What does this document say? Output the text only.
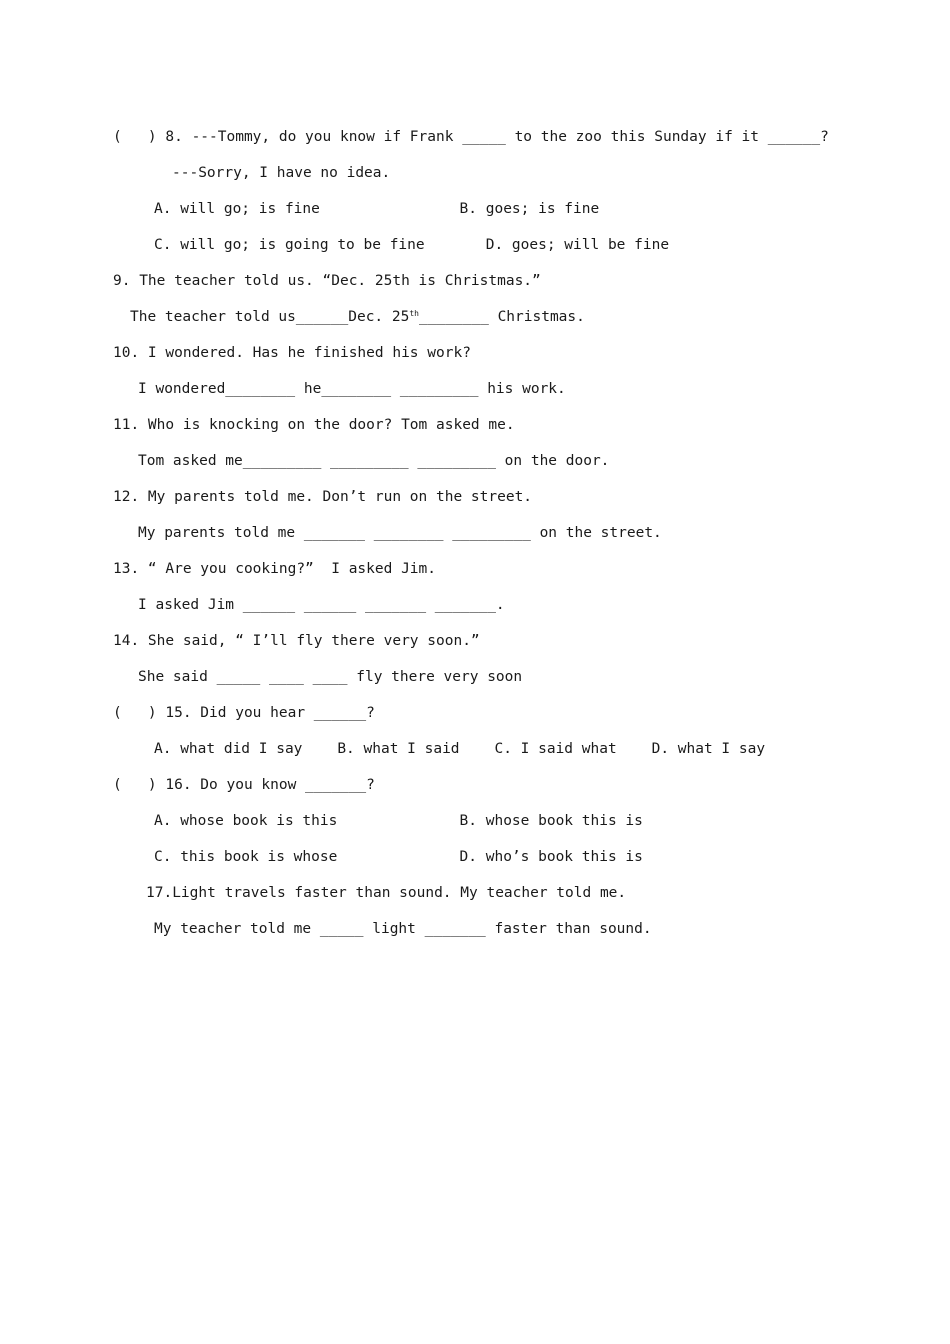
(   ) 8. ---Tommy, do you know if Frank _____ to the zoo this Sunday if it ______?
---Sorry, I have no idea.
A. will go; is fine                B. goes; is fine
C. will go; is going to be fine       D. goes; will be fine
9. The teacher told us. “Dec. 25th is Christmas.”
The teacher told us______Dec. 25th________ Christmas.
10. I wondered. Has he finished his work?
I wondered________ he________ _________ his work.
11. Who is knocking on the door? Tom asked me.
Tom asked me_________ _________ _________ on the door.
12. My parents told me. Don’t run on the street.
My parents told me _______ ________ _________ on the street.
13. “ Are you cooking?”  I asked Jim.
I asked Jim ______ ______ _______ _______.
14. She said, “ I’ll fly there very soon.”
She said _____ ____ ____ fly there very soon
(   ) 15. Did you hear ______?
A. what did I say    B. what I said    C. I said what    D. what I say
(   ) 16. Do you know _______?
A. whose book is this              B. whose book this is
C. this book is whose              D. who’s book this is
17.Light travels faster than sound. My teacher told me.
My teacher told me _____ light _______ faster than sound.
